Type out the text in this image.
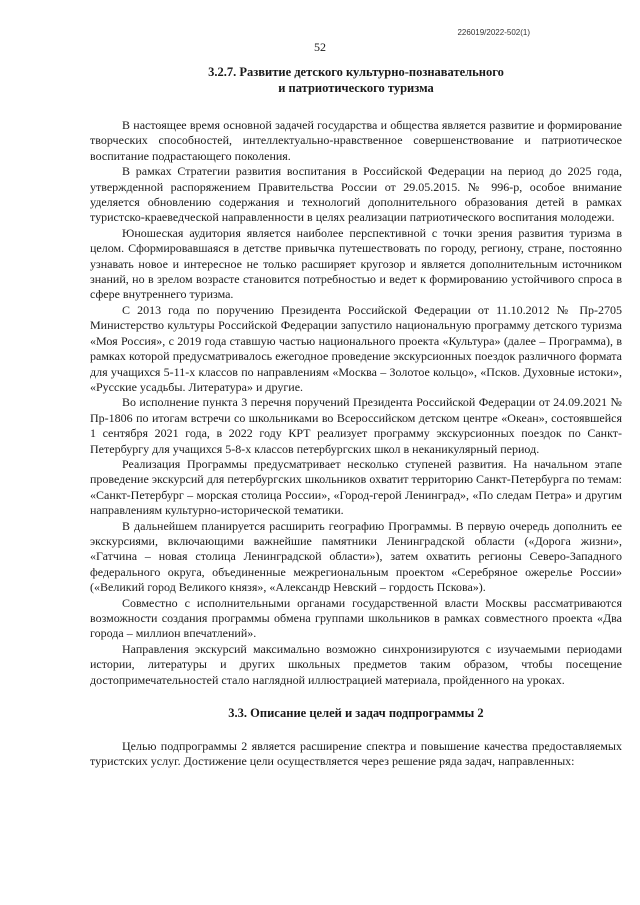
226019/2022-502(1)
52
3.2.7. Развитие детского культурно-познавательного
и патриотического туризма

В настоящее время основной задачей государства и общества является развитие и формирование творческих способностей, интеллектуально-нравственное совершенствование и патриотическое воспитание подрастающего поколения.

В рамках Стратегии развития воспитания в Российской Федерации на период до 2025 года, утвержденной распоряжением Правительства России от 29.05.2015. № 996-р, особое внимание уделяется обновлению содержания и технологий дополнительного образования детей в рамках туристско-краеведческой направленности в целях реализации патриотического воспитания молодежи.

Юношеская аудитория является наиболее перспективной с точки зрения развития туризма в целом. Сформировавшаяся в детстве привычка путешествовать по городу, региону, стране, постоянно узнавать новое и интересное не только расширяет кругозор и является дополнительным источником знаний, но в зрелом возрасте становится потребностью и ведет к формированию устойчивого спроса в сфере внутреннего туризма.

С 2013 года по поручению Президента Российской Федерации от 11.10.2012 № Пр-2705 Министерство культуры Российской Федерации запустило национальную программу детского туризма «Моя Россия», с 2019 года ставшую частью национального проекта «Культура» (далее – Программа), в рамках которой предусматривалось ежегодное проведение экскурсионных поездок различного формата для учащихся 5-11-х классов по направлениям «Москва – Золотое кольцо», «Псков. Духовные истоки», «Русские усадьбы. Литература» и другие.

Во исполнение пункта 3 перечня поручений Президента Российской Федерации от 24.09.2021 № Пр-1806 по итогам встречи со школьниками во Всероссийском детском центре «Океан», состоявшейся 1 сентября 2021 года, в 2022 году КРТ реализует программу экскурсионных поездок по Санкт-Петербургу для учащихся 5-8-х классов петербургских школ в неканикулярный период.

Реализация Программы предусматривает несколько ступеней развития. На начальном этапе проведение экскурсий для петербургских школьников охватит территорию Санкт-Петербурга по темам: «Санкт-Петербург – морская столица России», «Город-герой Ленинград», «По следам Петра» и другим направлениям культурно-исторической тематики.

В дальнейшем планируется расширить географию Программы. В первую очередь дополнить ее экскурсиями, включающими важнейшие памятники Ленинградской области («Дорога жизни», «Гатчина – новая столица Ленинградской области»), затем охватить регионы Северо-Западного федерального округа, объединенные межрегиональным проектом «Серебряное ожерелье России» («Великий город Великого князя», «Александр Невский – гордость Пскова»).

Совместно с исполнительными органами государственной власти Москвы рассматриваются возможности создания программы обмена группами школьников в рамках совместного проекта «Два города – миллион впечатлений».

Направления экскурсий максимально возможно синхронизируются с изучаемыми периодами истории, литературы и других школьных предметов таким образом, чтобы посещение достопримечательностей стало наглядной иллюстрацией материала, пройденного на уроках.

3.3. Описание целей и задач подпрограммы 2

Целью подпрограммы 2 является расширение спектра и повышение качества предоставляемых туристских услуг. Достижение цели осуществляется через решение ряда задач, направленных:
